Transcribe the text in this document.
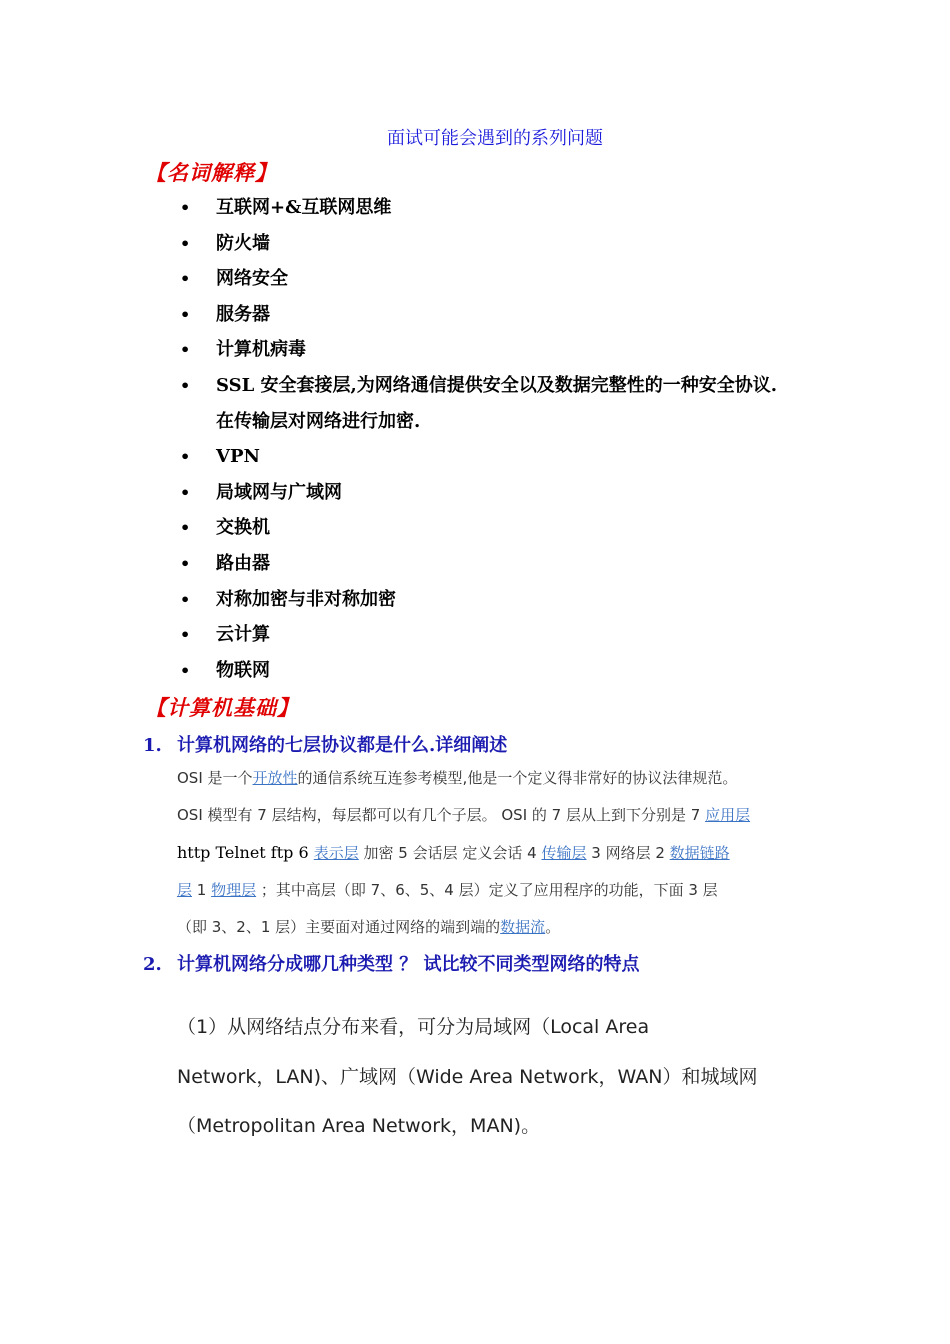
面试可能会遇到的系列问题
【名词解释】
• 互联网+&互联网思维
• 防火墙
• 网络安全
• 服务器
• 计算机病毒
• SSL 安全套接层,为网络通信提供安全以及数据完整性的一种安全协议.
在传输层对网络进行加密.
• VPN
• 局域网与广域网
• 交换机
• 路由器
• 对称加密与非对称加密
• 云计算
• 物联网
【计算机基础】
1. 计算机网络的七层协议都是什么.详细阐述
OSI 是一个开放性的通信系统互连参考模型,他是一个定义得非常好的协议法律规范。
OSI 模型有 7 层结构，每层都可以有几个子层。 OSI 的 7 层从上到下分别是 7 应用层
http Telnet ftp 6 表示层 加密 5 会话层 定义会话 4 传输层 3 网络层 2 数据链路
层 1 物理层 ；其中高层（即 7、6、5、4 层）定义了应用程序的功能，下面 3 层
（即 3、2、1 层）主要面对通过网络的端到端的数据流。
2. 计算机网络分成哪几种类型 ？ 试比较不同类型网络的特点
（1）从网络结点分布来看，可分为局域网（Local Area
Network，LAN)、广域网（Wide Area Network，WAN）和城域网
（Metropolitan Area Network，MAN)。
